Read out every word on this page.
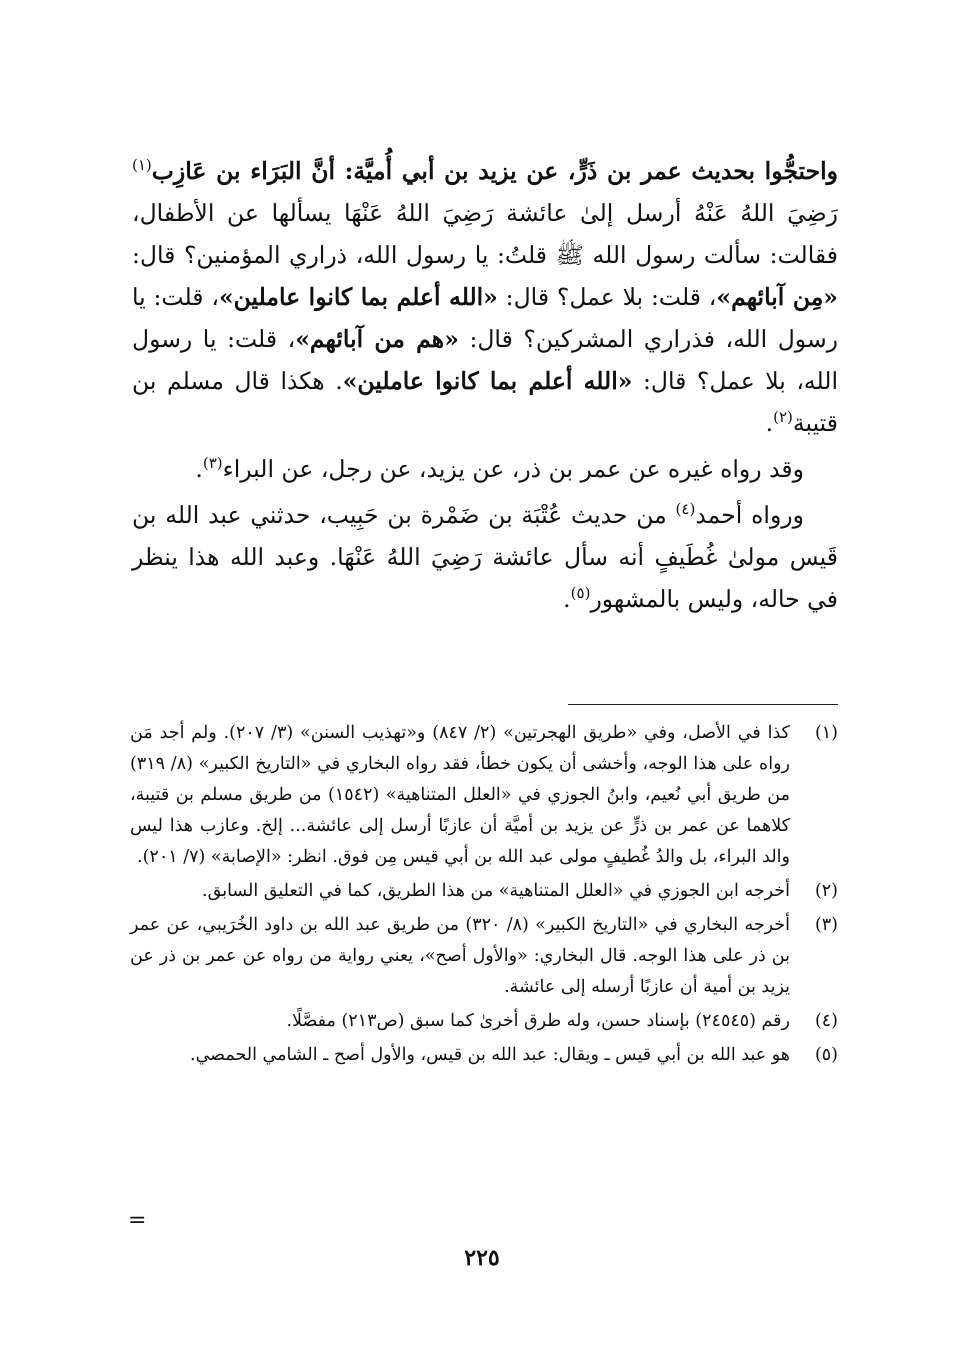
واحتجُّوا بحديث عمر بن ذَرٍّ، عن يزيد بن أبي أُميَّة: أنَّ البَرَاء بن عَازِب$^{(١)}$ رَضِيَ اللهُ عَنْهُ أرسل إلىٰ عائشة رَضِيَ اللهُ عَنْهَا يسألها عن الأطفال، فقالت: سألت رسول الله ﷺ قلتُ: يا رسول الله، ذراري المؤمنين؟ قال: «مِن آبائهم»، قلت: بلا عمل؟ قال: «الله أعلم بما كانوا عاملين»، قلت: يا رسول الله، فذراري المشركين؟ قال: «هم من آبائهم»، قلت: يا رسول الله، بلا عمل؟ قال: «الله أعلم بما كانوا عاملين». هكذا قال مسلم بن قتيبة$^{(٢)}$.

وقد رواه غيره عن عمر بن ذر، عن يزيد، عن رجل، عن البراء$^{(٣)}$.

ورواه أحمد$^{(٤)}$ من حديث عُتْبَة بن ضَمْرة بن حَبِيب، حدثني عبد الله بن قَيس مولىٰ غُطَيفٍ أنه سأل عائشة رَضِيَ اللهُ عَنْهَا. وعبد الله هذا ينظر في حاله، وليس بالمشهور$^{(٥)}$.

(١)
كذا في الأصل، وفي «طريق الهجرتين» (٢/ ٨٤٧) و«تهذيب السنن» (٣/ ٢٠٧). ولم أجد مَن رواه على هذا الوجه، وأخشى أن يكون خطأ، فقد رواه البخاري في «التاريخ الكبير» (٨/ ٣١٩) من طريق أبي نُعيم، وابنُ الجوزي في «العلل المتناهية» (١٥٤٢) من طريق مسلم بن قتيبة، كلاهما عن عمر بن ذرٍّ عن يزيد بن أميَّة أن عازبًا أرسل إلى عائشة... إلخ. وعازب هذا ليس والد البراء، بل والدُ غُطيفٍ مولى عبد الله بن أبي قيس مِن فوق. انظر: «الإصابة» (٧/ ٢٠١).
(٢)
أخرجه ابن الجوزي في «العلل المتناهية» من هذا الطريق، كما في التعليق السابق.
(٣)
أخرجه البخاري في «التاريخ الكبير» (٨/ ٣٢٠) من طريق عبد الله بن داود الخُرَيبي، عن عمر بن ذر على هذا الوجه. قال البخاري: «والأول أصح»، يعني رواية من رواه عن عمر بن ذر عن يزيد بن أمية أن عازبًا أرسله إلى عائشة.
(٤)
رقم (٢٤٥٤٥) بإسناد حسن، وله طرق أخرىٰ كما سبق (ص٢١٣) مفصَّلًا.
(٥)
هو عبد الله بن أبي قيس ـ ويقال: عبد الله بن قيس، والأول أصح ـ الشامي الحمصي.
=
٢٢٥
